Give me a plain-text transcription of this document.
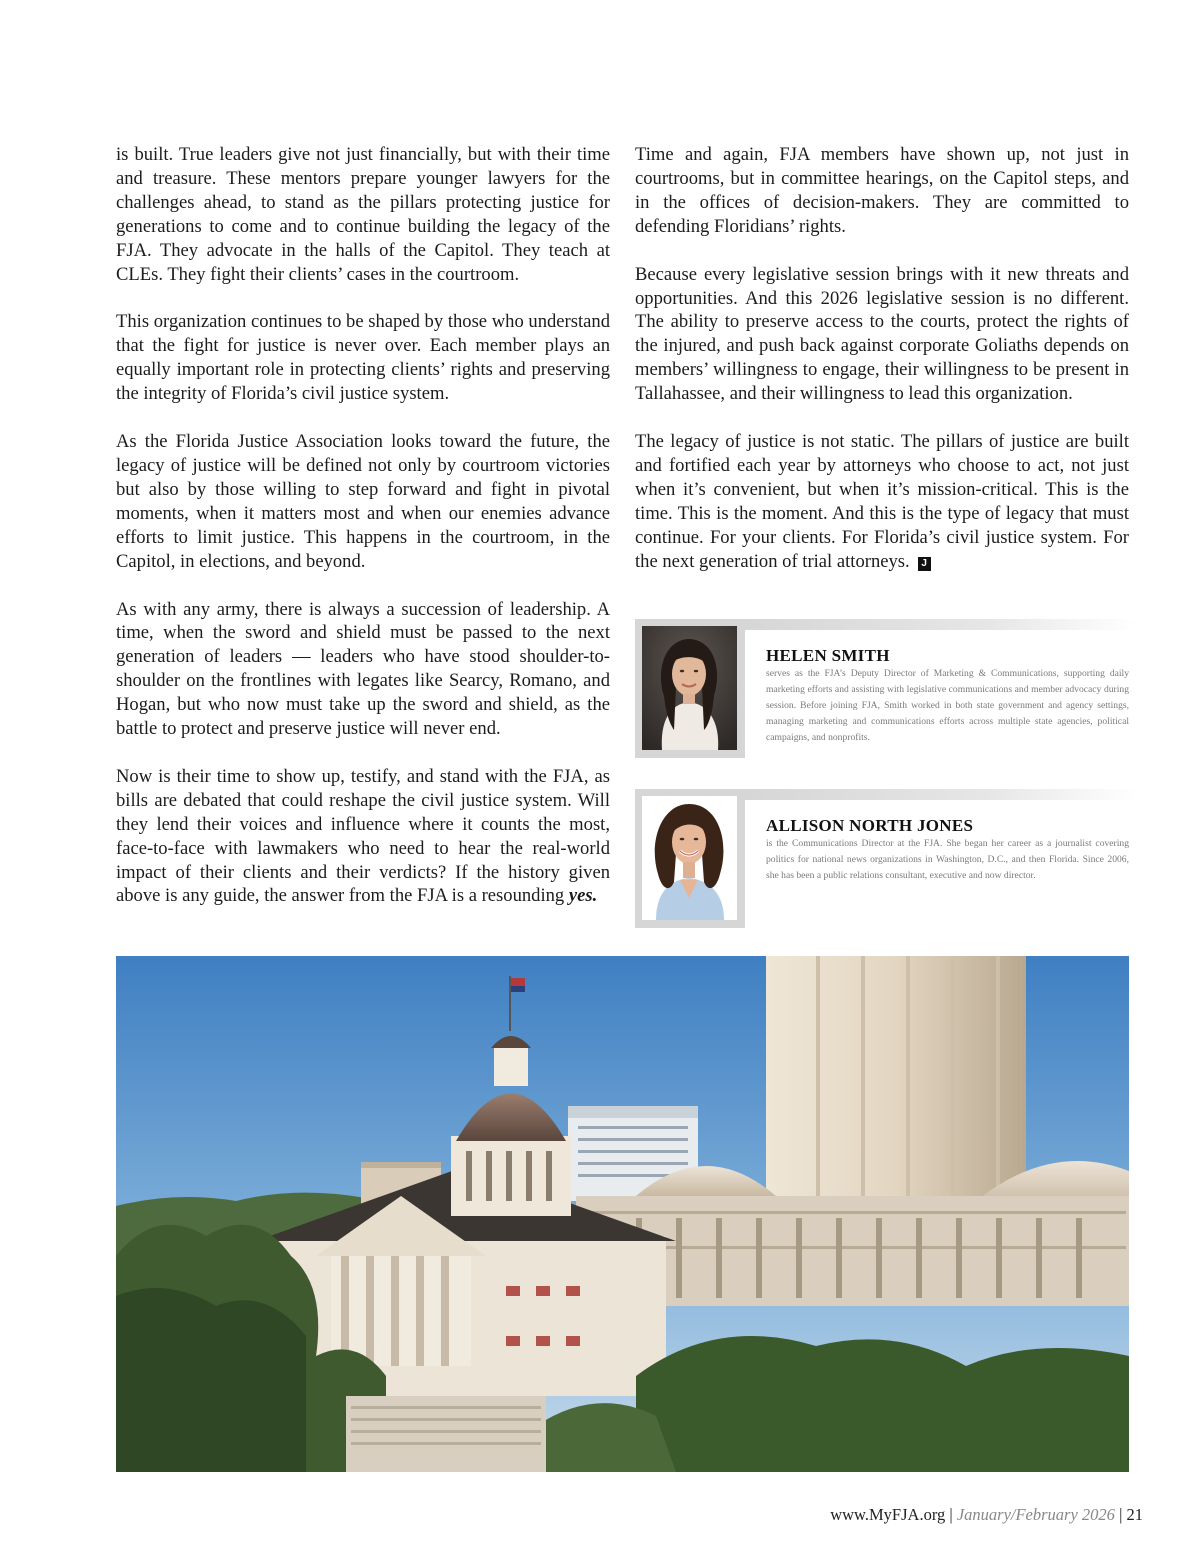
is built. True leaders give not just financially, but with their time and treasure. These mentors prepare younger lawyers for the challenges ahead, to stand as the pillars protecting justice for generations to come and to continue building the legacy of the FJA. They advocate in the halls of the Capitol. They teach at CLEs. They fight their clients’ cases in the courtroom.

This organization continues to be shaped by those who understand that the fight for justice is never over. Each member plays an equally important role in protecting clients’ rights and preserving the integrity of Florida’s civil justice system.

As the Florida Justice Association looks toward the future, the legacy of justice will be defined not only by courtroom victories but also by those willing to step forward and fight in pivotal moments, when it matters most and when our enemies advance efforts to limit justice. This happens in the courtroom, in the Capitol, in elections, and beyond.

As with any army, there is always a succession of leadership. A time, when the sword and shield must be passed to the next generation of leaders — leaders who have stood shoulder-to-shoulder on the frontlines with legates like Searcy, Romano, and Hogan, but who now must take up the sword and shield, as the battle to protect and preserve justice will never end.

Now is their time to show up, testify, and stand with the FJA, as bills are debated that could reshape the civil justice system. Will they lend their voices and influence where it counts the most, face-to-face with lawmakers who need to hear the real-world impact of their clients and their verdicts? If the history given above is any guide, the answer from the FJA is a resounding yes.

Time and again, FJA members have shown up, not just in courtrooms, but in committee hearings, on the Capitol steps, and in the offices of decision-makers. They are committed to defending Floridians’ rights.

Because every legislative session brings with it new threats and opportunities. And this 2026 legislative session is no different. The ability to preserve access to the courts, protect the rights of the injured, and push back against corporate Goliaths depends on members’ willingness to engage, their willingness to be present in Tallahassee, and their willingness to lead this organization.

The legacy of justice is not static. The pillars of justice are built and fortified each year by attorneys who choose to act, not just when it’s convenient, but when it’s mission-critical. This is the time. This is the moment. And this is the type of legacy that must continue. For your clients. For Florida’s civil justice system. For the next generation of trial attorneys. J

HELEN SMITH
serves as the FJA’s Deputy Director of Marketing & Communications, supporting daily marketing efforts and assisting with legislative communications and member advocacy during session. Before joining FJA, Smith worked in both state government and agency settings, managing marketing and communications efforts across multiple state agencies, political campaigns, and nonprofits.
ALLISON NORTH JONES
is the Communications Director at the FJA. She began her career as a journalist covering politics for national news organizations in Washington, D.C., and then Florida. Since 2006, she has been a public relations consultant, executive and now director.
www.MyFJA.org | January/February 2026 | 21
